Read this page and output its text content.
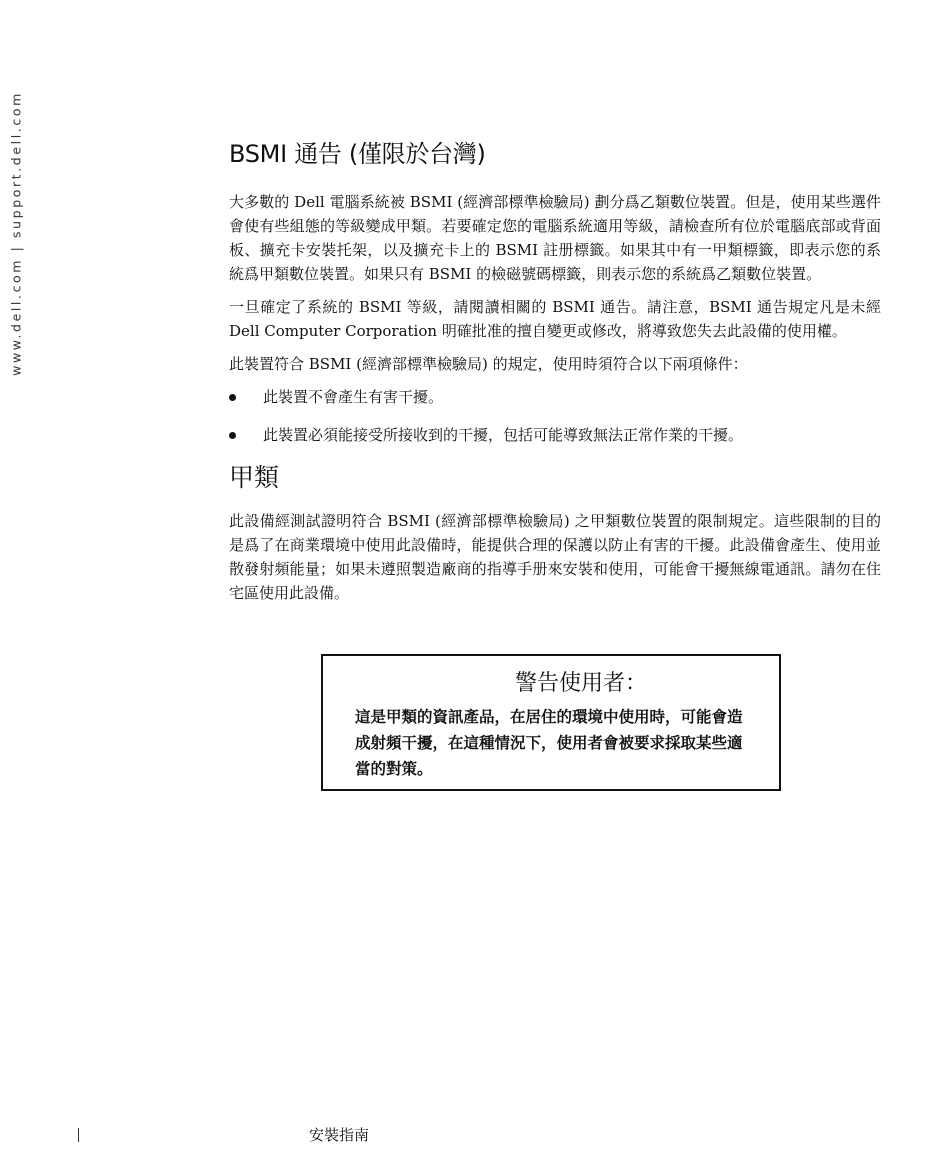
www.dell.com | support.dell.com	BSMI 通告 (僅限於台灣)

大多數的 Dell 電腦系統被 BSMI (經濟部標準檢驗局) 劃分爲乙類數位裝置。但是，使用某些選件會使有些組態的等級變成甲類。若要確定您的電腦系統適用等級，請檢查所有位於電腦底部或背面板、擴充卡安裝托架，以及擴充卡上的 BSMI 註册標籤。如果其中有一甲類標籤，即表示您的系統爲甲類數位裝置。如果只有 BSMI 的檢磁號碼標籤，則表示您的系統爲乙類數位裝置。

一旦確定了系統的 BSMI 等級，請閱讀相關的 BSMI 通告。請注意，BSMI 通告規定凡是未經 Dell Computer Corporation 明確批准的擅自變更或修改，將導致您失去此設備的使用權。

此裝置符合 BSMI (經濟部標準檢驗局) 的規定，使用時須符合以下兩項條件：

此裝置不會產生有害干擾。
此裝置必須能接受所接收到的干擾，包括可能導致無法正常作業的干擾。
甲類

此設備經測試證明符合 BSMI (經濟部標準檢驗局) 之甲類數位裝置的限制規定。這些限制的目的是爲了在商業環境中使用此設備時，能提供合理的保護以防止有害的干擾。此設備會產生、使用並散發射頻能量；如果未遵照製造廠商的指導手册來安裝和使用，可能會干擾無線電通訊。請勿在住宅區使用此設備。

警告使用者：
這是甲類的資訊產品，在居住的環境中使用時，可能會造成射頻干擾，在這種情況下，使用者會被要求採取某些適當的對策。
安裝指南
